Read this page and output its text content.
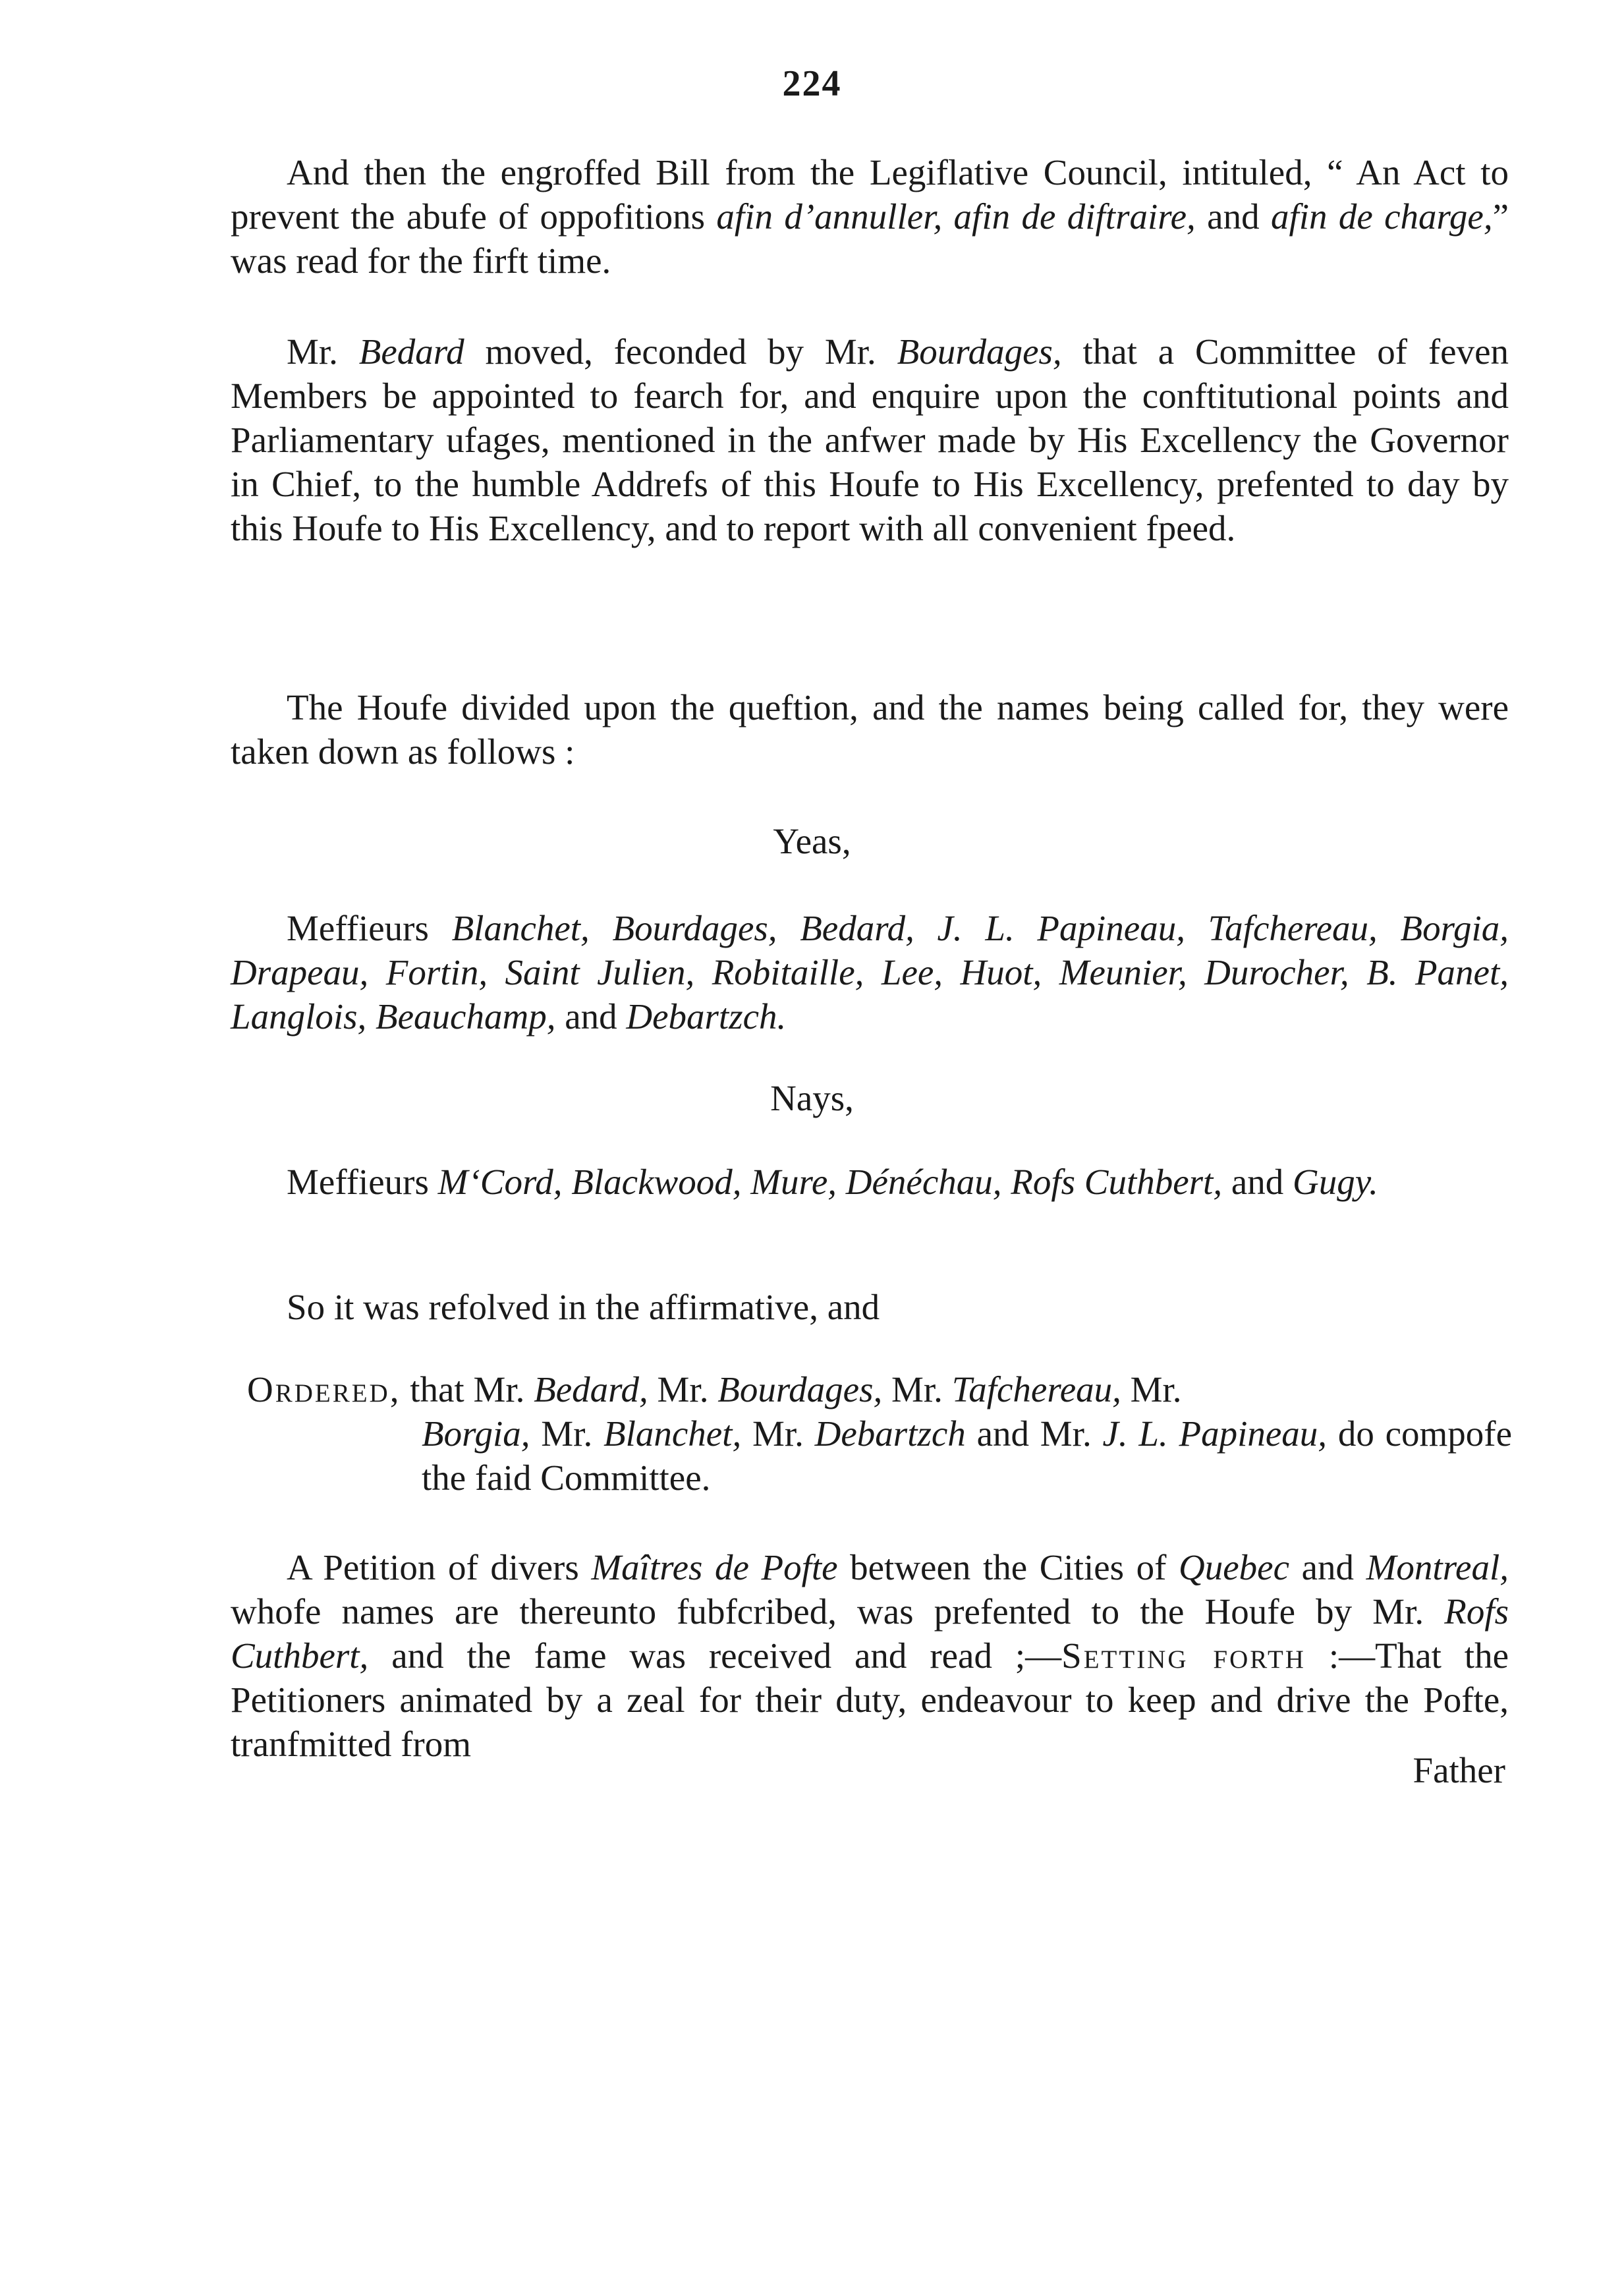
224
And then the engroffed Bill from the Legiflative Council, intituled, “ An Act to prevent the abufe of oppofitions afin d’annuller, afin de diftraire, and afin de charge,” was read for the firft time.
Mr. Bedard moved, feconded by Mr. Bourdages, that a Committee of feven Members be appointed to fearch for, and enquire upon the conftitutional points and Parliamentary ufages, mentioned in the anfwer made by His Excellency the Governor in Chief, to the humble Addrefs of this Houfe to His Excellency, prefented to day by this Houfe to His Excellency, and to report with all convenient fpeed.
The Houfe divided upon the queftion, and the names being called for, they were taken down as follows :
Yeas,
Meffieurs Blanchet, Bourdages, Bedard, J. L. Papineau, Tafchereau, Borgia, Drapeau, Fortin, Saint Julien, Robitaille, Lee, Huot, Meunier, Durocher, B. Panet, Langlois, Beauchamp, and Debartzch.
Nays,
Meffieurs M‘Cord, Blackwood, Mure, Dénéchau, Rofs Cuthbert, and Gugy.
So it was refolved in the affirmative, and
Ordered, that Mr. Bedard, Mr. Bourdages, Mr. Tafchereau, Mr.
Borgia, Mr. Blanchet, Mr. Debartzch and Mr. J. L. Papineau, do compofe the faid Committee.
A Petition of divers Maîtres de Pofte between the Cities of Quebec and Montreal, whofe names are thereunto fubfcribed, was prefented to the Houfe by Mr. Rofs Cuthbert, and the fame was received and read ;—Setting forth :—That the Petitioners animated by a zeal for their duty, endeavour to keep and drive the Pofte, tranfmitted from
Father
